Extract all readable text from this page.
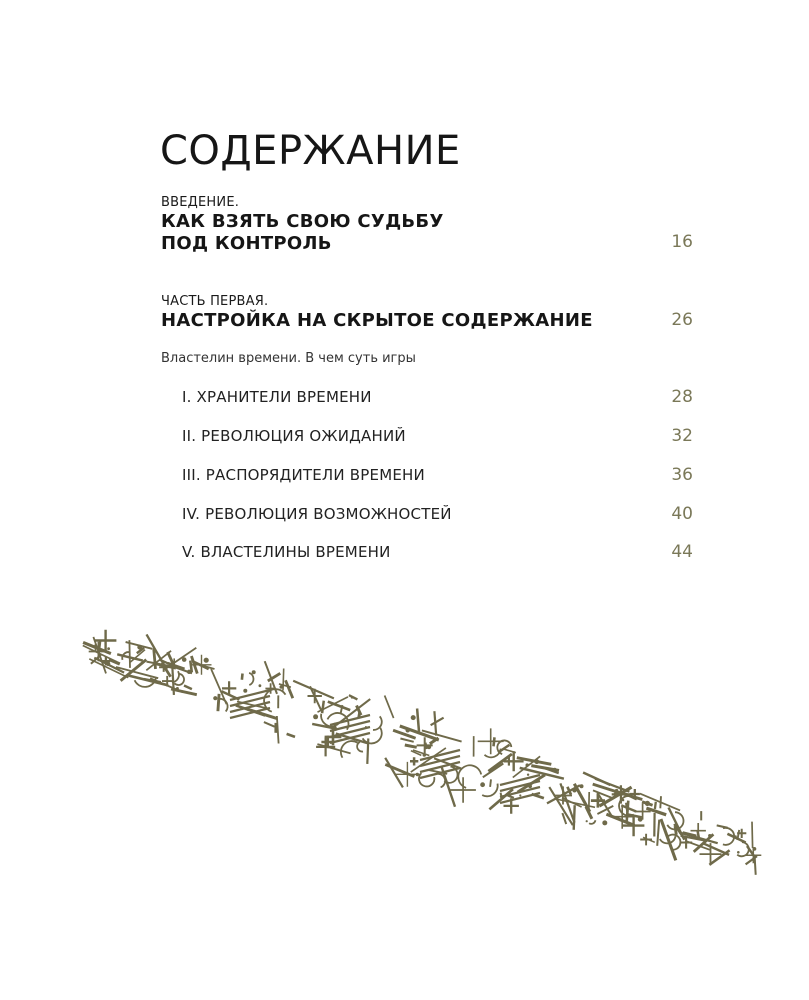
СОДЕРЖАНИЕ
ВВЕДЕНИЕ.
КАК ВЗЯТЬ СВОЮ СУДЬБУ
ПОД КОНТРОЛЬ	16
ЧАСТЬ ПЕРВАЯ.
НАСТРОЙКА НА СКРЫТОЕ СОДЕРЖАНИЕ	26
Властелин времени. В чем суть игры
I. ХРАНИТЕЛИ ВРЕМЕНИ	28
II. РЕВОЛЮЦИЯ ОЖИДАНИЙ	32
III. РАСПОРЯДИТЕЛИ ВРЕМЕНИ	36
IV. РЕВОЛЮЦИЯ ВОЗМОЖНОСТЕЙ	40
V. ВЛАСТЕЛИНЫ ВРЕМЕНИ	44
